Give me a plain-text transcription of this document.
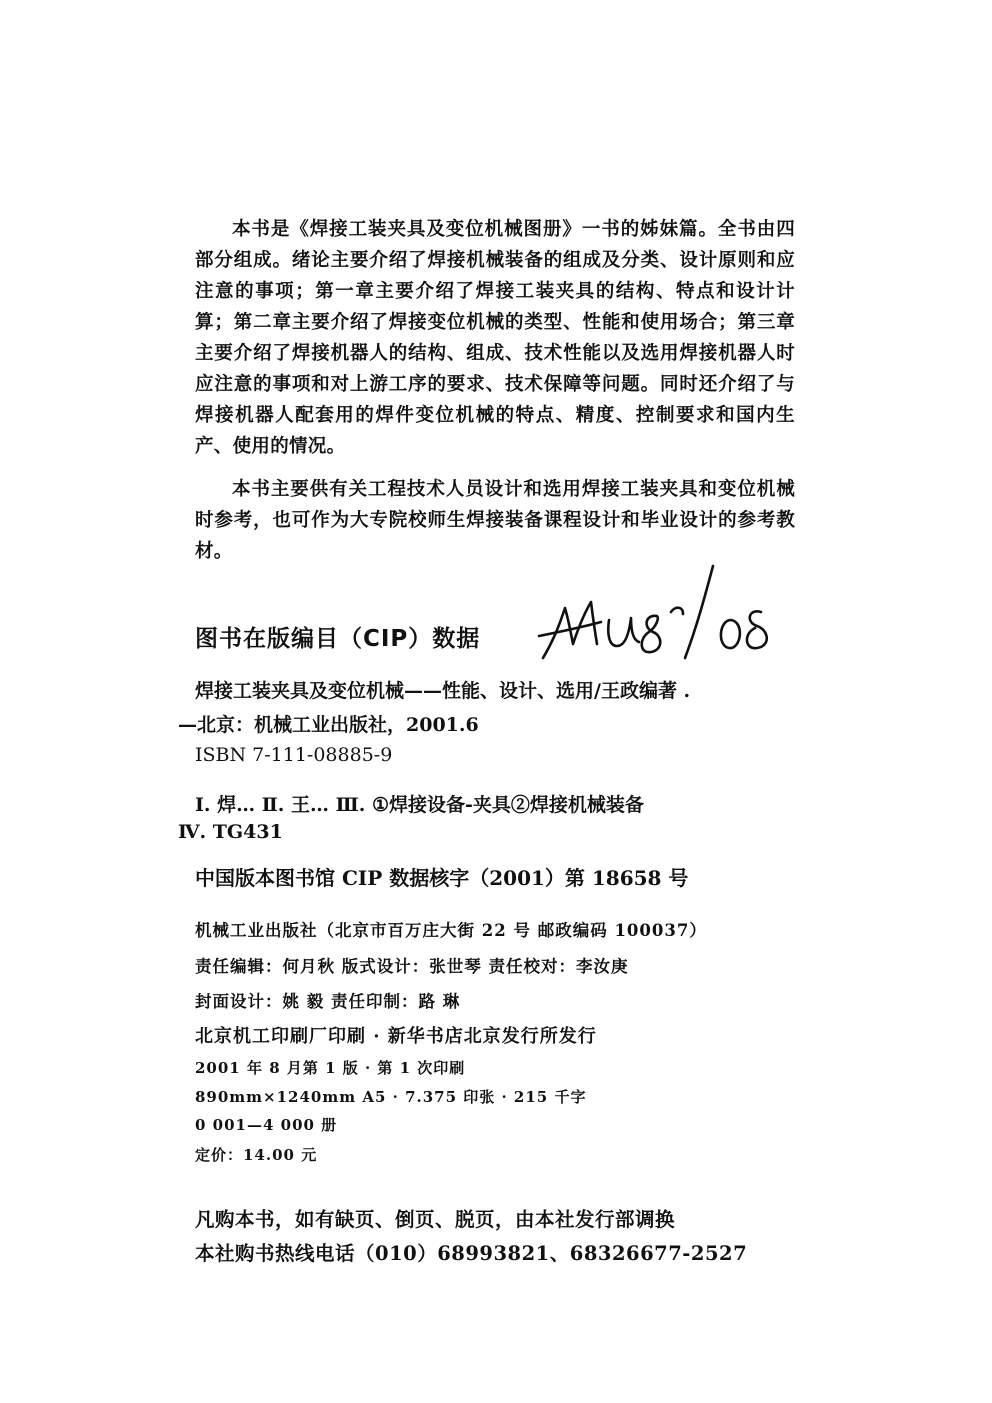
本书是《焊接工装夹具及变位机械图册》一书的姊妹篇。全书由四部分组成。绪论主要介绍了焊接机械装备的组成及分类、设计原则和应注意的事项；第一章主要介绍了焊接工装夹具的结构、特点和设计计算；第二章主要介绍了焊接变位机械的类型、性能和使用场合；第三章主要介绍了焊接机器人的结构、组成、技术性能以及选用焊接机器人时应注意的事项和对上游工序的要求、技术保障等问题。同时还介绍了与焊接机器人配套用的焊件变位机械的特点、精度、控制要求和国内生产、使用的情况。

本书主要供有关工程技术人员设计和选用焊接工装夹具和变位机械时参考，也可作为大专院校师生焊接装备课程设计和毕业设计的参考教材。

图书在版编目（CIP）数据
焊接工装夹具及变位机械——性能、设计、选用/王政编著 .
—北京：机械工业出版社，2001.6
ISBN 7-111-08885-9
Ⅰ. 焊… Ⅱ. 王… Ⅲ. ①焊接设备-夹具②焊接机械装备
Ⅳ. TG431
中国版本图书馆 CIP 数据核字（2001）第 18658 号
机械工业出版社（北京市百万庄大街 22 号 邮政编码 100037）
责任编辑：何月秋 版式设计：张世琴 责任校对：李汝庚
封面设计：姚 毅 责任印制：路 琳
北京机工印刷厂印刷 · 新华书店北京发行所发行
2001 年 8 月第 1 版 · 第 1 次印刷
890mm×1240mm A5 · 7.375 印张 · 215 千字
0 001—4 000 册
定价：14.00 元
凡购本书，如有缺页、倒页、脱页，由本社发行部调换
本社购书热线电话（010）68993821、68326677-2527
